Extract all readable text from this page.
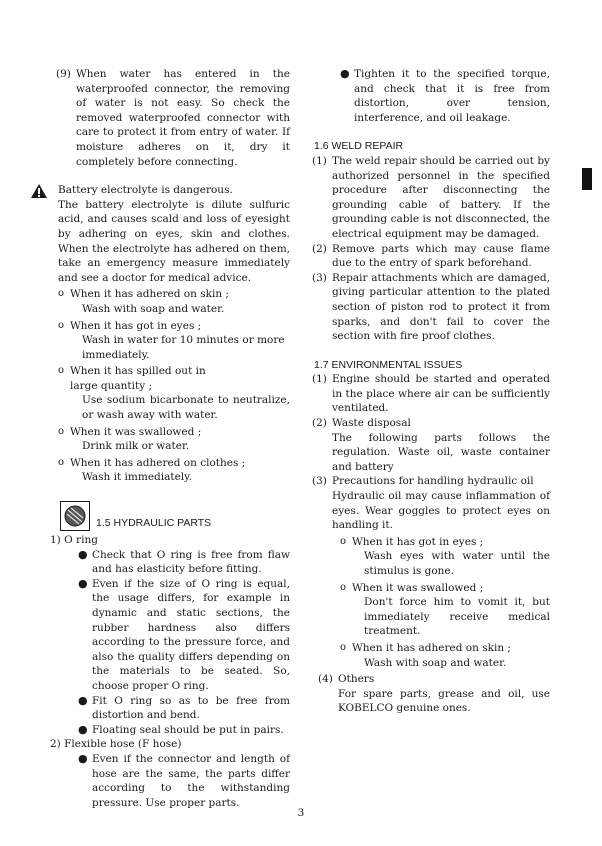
(9) When water has entered in the waterproofed connector, the removing of water is not easy. So check the removed waterproofed connector with care to protect it from entry of water. If moisture adheres on it, dry it completely before connecting.

Battery electrolyte is dangerous.

The battery electrolyte is dilute sulfuric acid, and causes scald and loss of eyesight by adhering on eyes, skin and clothes. When the electrolyte has adhered on them, take an emergency measure immediately and see a doctor for medical advice.

o When it has adhered on skin ;

Wash with soap and water.

o When it has got in eyes ;

Wash in water for 10 minutes or more immediately.

o When it has spilled out in large quantity ;

Use sodium bicarbonate to neutralize, or wash away with water.

o When it was swallowed ;

Drink milk or water.

o When it has adhered on clothes ;

Wash it immediately.

1.5 HYDRAULIC PARTS

1) O ring

● Check that O ring is free from flaw and has elasticity before fitting.

● Even if the size of O ring is equal, the usage differs, for example in dynamic and static sections, the rubber hardness also differs according to the pressure force, and also the quality differs depending on the materials to be seated. So, choose proper O ring.

● Fit O ring so as to be free from distortion and bend.

● Floating seal should be put in pairs.

2) Flexible hose (F hose)

● Even if the connector and length of hose are the same, the parts differ according to the withstanding pressure. Use proper parts.

● Tighten it to the specified torque, and check that it is free from distortion, over tension, interference, and oil leakage.

1.6 WELD REPAIR

(1) The weld repair should be carried out by authorized personnel in the specified procedure after disconnecting the grounding cable of battery. If the grounding cable is not disconnected, the electrical equipment may be damaged.

(2) Remove parts which may cause flame due to the entry of spark beforehand.

(3) Repair attachments which are damaged, giving particular attention to the plated section of piston rod to protect it from sparks, and don't fail to cover the section with fire proof clothes.

1.7 ENVIRONMENTAL ISSUES

(1) Engine should be started and operated in the place where air can be sufficiently ventilated.

(2) Waste disposal

The following parts follows the regulation. Waste oil, waste container and battery

(3) Precautions for handling hydraulic oil

Hydraulic oil may cause inflammation of eyes. Wear goggles to protect eyes on handling it.

o When it has got in eyes ;

Wash eyes with water until the stimulus is gone.

o When it was swallowed ;

Don't force him to vomit it, but immediately receive medical treatment.

o When it has adhered on skin ;

Wash with soap and water.

(4) Others

For spare parts, grease and oil, use KOBELCO genuine ones.

3
